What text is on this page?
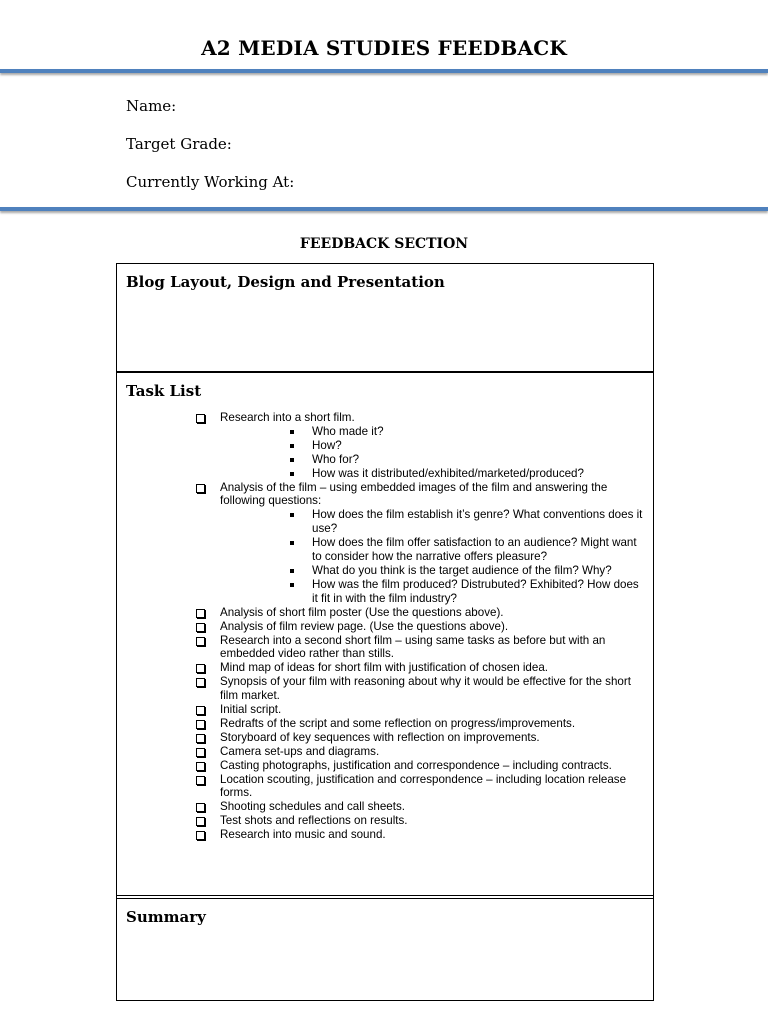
A2 MEDIA STUDIES FEEDBACK
Name:
Target Grade:
Currently Working At:
FEEDBACK SECTION
Blog Layout, Design and Presentation
Task List
Research into a short film.
Who made it?
How?
Who for?
How was it distributed/exhibited/marketed/produced?
Analysis of the film – using embedded images of the film and answering the following questions:
How does the film establish it’s genre? What conventions does it use?
How does the film offer satisfaction to an audience? Might want to consider how the narrative offers pleasure?
What do you think is the target audience of the film? Why?
How was the film produced? Distrubuted? Exhibited? How does it fit in with the film industry?
Analysis of short film poster (Use the questions above).
Analysis of film review page. (Use the questions above).
Research into a second short film – using same tasks as before but with an embedded video rather than stills.
Mind map of ideas for short film with justification of chosen idea.
Synopsis of your film with reasoning about why it would be effective for the short film market.
Initial script.
Redrafts of the script and some reflection on progress/improvements.
Storyboard of key sequences with reflection on improvements.
Camera set-ups and diagrams.
Casting photographs, justification and correspondence – including contracts.
Location scouting, justification and correspondence – including location release forms.
Shooting schedules and call sheets.
Test shots and reflections on results.
Research into music and sound.
Summary
